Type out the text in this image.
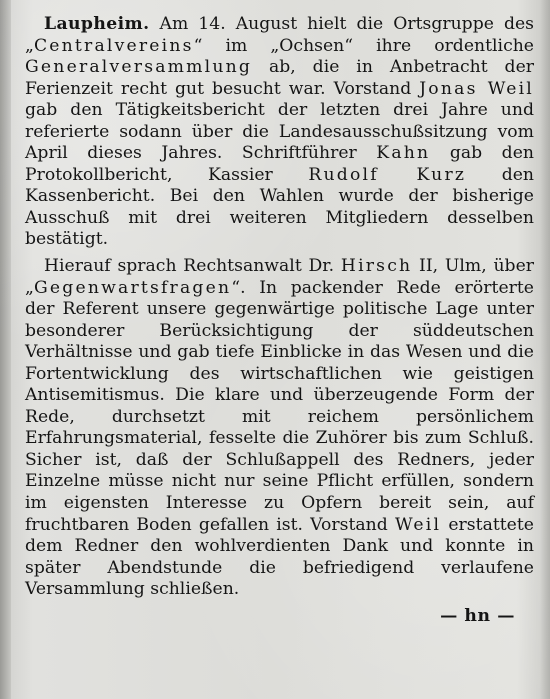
Laupheim. Am 14. August hielt die Ortsgruppe des „Centralvereins“ im „Ochsen“ ihre ordentliche Generalversammlung ab, die in Anbetracht der Ferienzeit recht gut besucht war. Vorstand Jonas Weil gab den Tätigkeitsbericht der letzten drei Jahre und referierte sodann über die Landesausschußsitzung vom April dieses Jahres. Schriftführer Kahn gab den Protokollbericht, Kassier Rudolf Kurz den Kassenbericht. Bei den Wahlen wurde der bisherige Ausschuß mit drei weiteren Mitgliedern desselben bestätigt.

Hierauf sprach Rechtsanwalt Dr. Hirsch II, Ulm, über „Gegenwartsfragen“. In packender Rede erörterte der Referent unsere gegenwärtige politische Lage unter besonderer Berücksichtigung der süddeutschen Verhältnisse und gab tiefe Einblicke in das Wesen und die Fortentwicklung des wirtschaftlichen wie geistigen Antisemitismus. Die klare und überzeugende Form der Rede, durchsetzt mit reichem persönlichem Erfahrungsmaterial, fesselte die Zuhörer bis zum Schluß. Sicher ist, daß der Schlußappell des Redners, jeder Einzelne müsse nicht nur seine Pflicht erfüllen, sondern im eigensten Interesse zu Opfern bereit sein, auf fruchtbaren Boden gefallen ist. Vorstand Weil erstattete dem Redner den wohlverdienten Dank und konnte in später Abendstunde die befriedigend verlaufene Versammlung schließen.

— hn —
